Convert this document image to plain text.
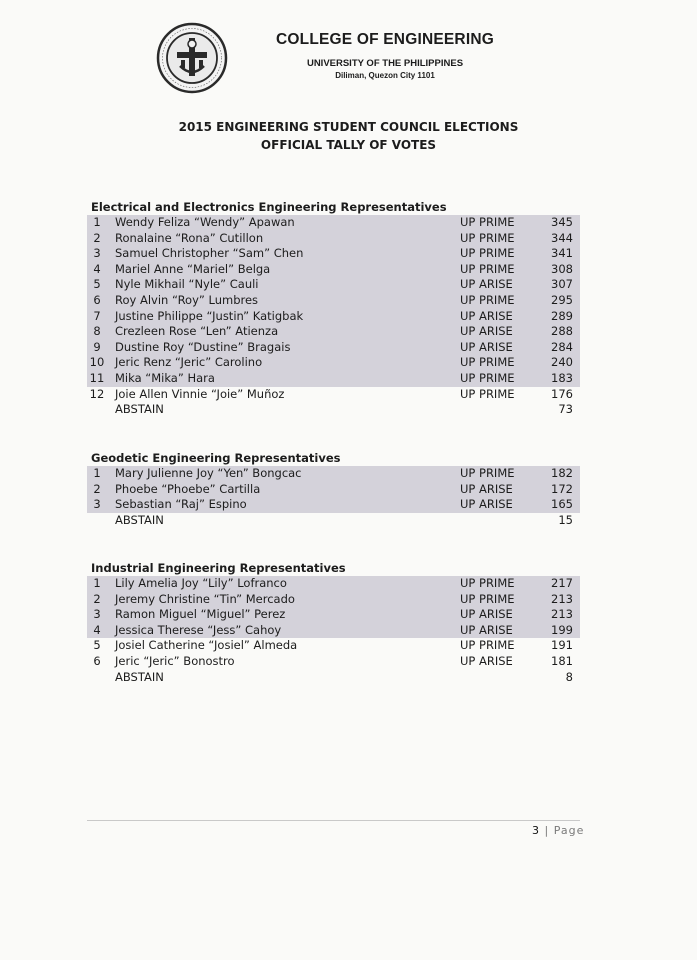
COLLEGE OF ENGINEERING
UNIVERSITY OF THE PHILIPPINES
Diliman, Quezon City 1101
2015 ENGINEERING STUDENT COUNCIL ELECTIONS
OFFICIAL TALLY OF VOTES
Electrical and Electronics Engineering Representatives
1	Wendy Feliza “Wendy” Apawan	UP PRIME	345
2	Ronalaine “Rona” Cutillon	UP PRIME	344
3	Samuel Christopher “Sam” Chen	UP PRIME	341
4	Mariel Anne “Mariel” Belga	UP PRIME	308
5	Nyle Mikhail “Nyle” Cauli	UP ARISE	307
6	Roy Alvin “Roy” Lumbres	UP PRIME	295
7	Justine Philippe “Justin” Katigbak	UP ARISE	289
8	Crezleen Rose “Len” Atienza	UP ARISE	288
9	Dustine Roy “Dustine” Bragais	UP ARISE	284
10 Jeric Renz “Jeric” Carolino	UP PRIME	240
11 Mika “Mika” Hara	UP PRIME	183
12 Joie Allen Vinnie “Joie” Muñoz	UP PRIME	176
ABSTAIN	73
Geodetic Engineering Representatives
1	Mary Julienne Joy “Yen” Bongcac	UP PRIME	182
2	Phoebe “Phoebe” Cartilla	UP ARISE	172
3	Sebastian “Raj” Espino	UP ARISE	165
ABSTAIN	15
Industrial Engineering Representatives
1	Lily Amelia Joy “Lily” Lofranco	UP PRIME	217
2	Jeremy Christine “Tin” Mercado	UP PRIME	213
3	Ramon Miguel “Miguel” Perez	UP ARISE	213
4	Jessica Therese “Jess” Cahoy	UP ARISE	199
5	Josiel Catherine “Josiel” Almeda	UP PRIME	191
6	Jeric “Jeric” Bonostro	UP ARISE	181
ABSTAIN	8
3 | Page
